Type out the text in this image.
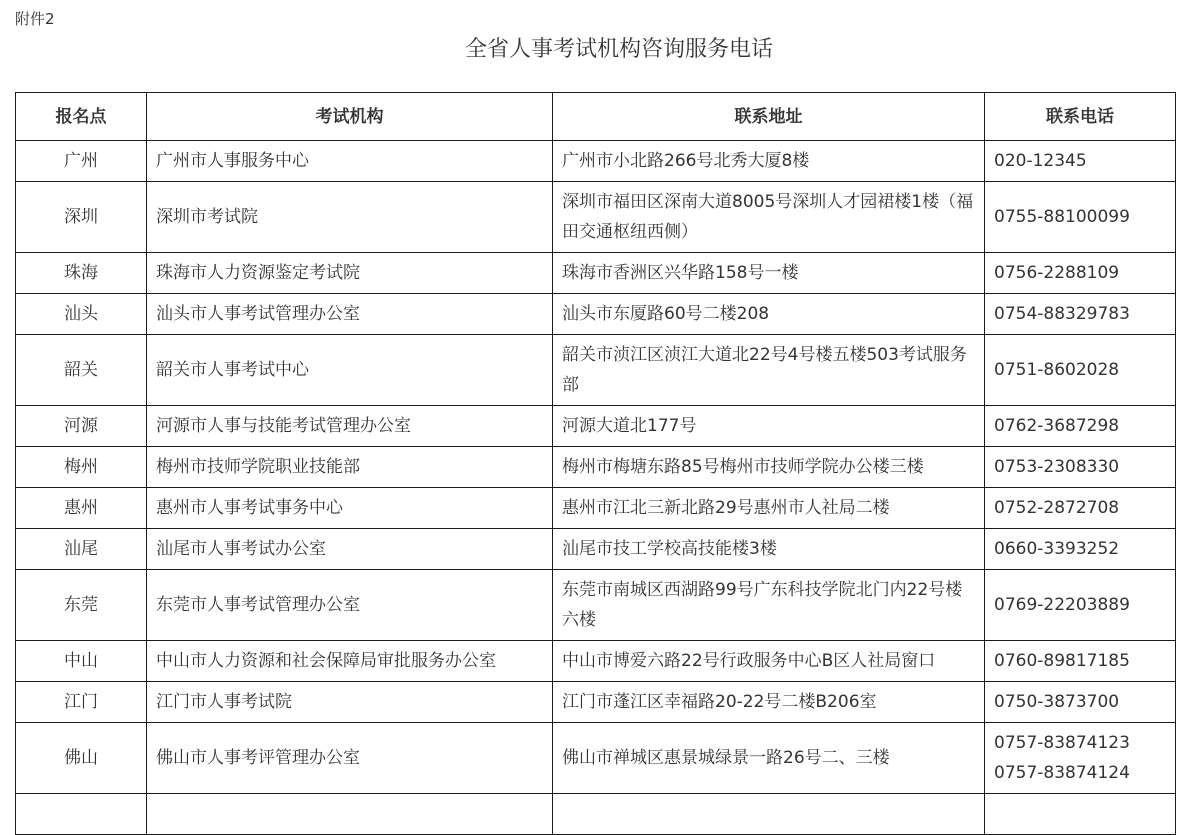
附件2
全省人事考试机构咨询服务电话
报名点	考试机构	联系地址	联系电话
广州	广州市人事服务中心	广州市小北路266号北秀大厦8楼	020-12345
深圳	深圳市考试院	深圳市福田区深南大道8005号深圳人才园裙楼1楼（福田交通枢纽西侧）	0755-88100099
珠海	珠海市人力资源鉴定考试院	珠海市香洲区兴华路158号一楼	0756-2288109
汕头	汕头市人事考试管理办公室	汕头市东厦路60号二楼208	0754-88329783
韶关	韶关市人事考试中心	韶关市浈江区浈江大道北22号4号楼五楼503考试服务部	0751-8602028
河源	河源市人事与技能考试管理办公室	河源大道北177号	0762-3687298
梅州	梅州市技师学院职业技能部	梅州市梅塘东路85号梅州市技师学院办公楼三楼	0753-2308330
惠州	惠州市人事考试事务中心	惠州市江北三新北路29号惠州市人社局二楼	0752-2872708
汕尾	汕尾市人事考试办公室	汕尾市技工学校高技能楼3楼	0660-3393252
东莞	东莞市人事考试管理办公室	东莞市南城区西湖路99号广东科技学院北门内22号楼六楼	0769-22203889
中山	中山市人力资源和社会保障局审批服务办公室	中山市博爱六路22号行政服务中心B区人社局窗口	0760-89817185
江门	江门市人事考试院	江门市蓬江区幸福路20-22号二楼B206室	0750-3873700
佛山	佛山市人事考评管理办公室	佛山市禅城区惠景城绿景一路26号二、三楼	0757-83874123
0757-83874124
